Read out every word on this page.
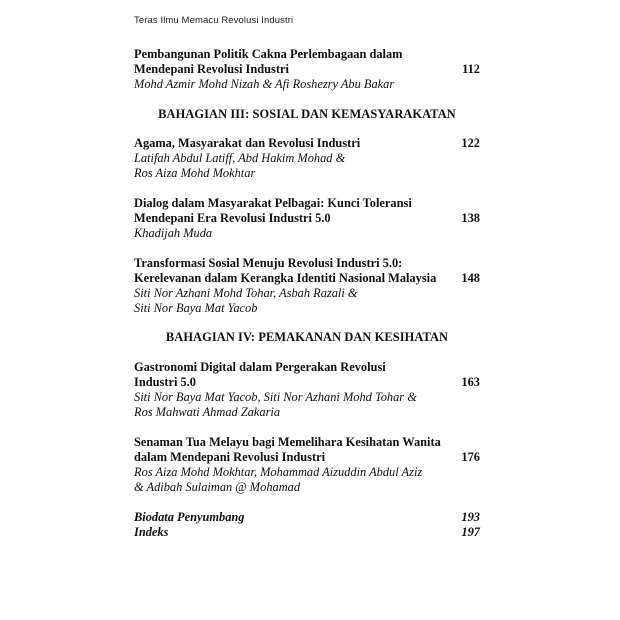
Teras Ilmu Memacu Revolusi Industri
Pembangunan Politik Cakna Perlembagaan dalam
Mendepani Revolusi Industri
Mohd Azmir Mohd Nizah & Afi Roshezry Abu Bakar
112
BAHAGIAN III: SOSIAL DAN KEMASYARAKATAN
Agama, Masyarakat dan Revolusi Industri
Latifah Abdul Latiff, Abd Hakim Mohad &
Ros Aiza Mohd Mokhtar
122
Dialog dalam Masyarakat Pelbagai: Kunci Toleransi
Mendepani Era Revolusi Industri 5.0
Khadijah Muda
138
Transformasi Sosial Menuju Revolusi Industri 5.0:
Kerelevanan dalam Kerangka Identiti Nasional Malaysia
Siti Nor Azhani Mohd Tohar, Asbah Razali &
Siti Nor Baya Mat Yacob
148
BAHAGIAN IV: PEMAKANAN DAN KESIHATAN
Gastronomi Digital dalam Pergerakan Revolusi
Industri 5.0
Siti Nor Baya Mat Yacob, Siti Nor Azhani Mohd Tohar &
Ros Mahwati Ahmad Zakaria
163
Senaman Tua Melayu bagi Memelihara Kesihatan Wanita
dalam Mendepani Revolusi Industri
Ros Aiza Mohd Mokhtar, Mohammad Aizuddin Abdul Aziz
& Adibah Sulaiman @ Mohamad
176
Biodata Penyumbang	193
Indeks	197
